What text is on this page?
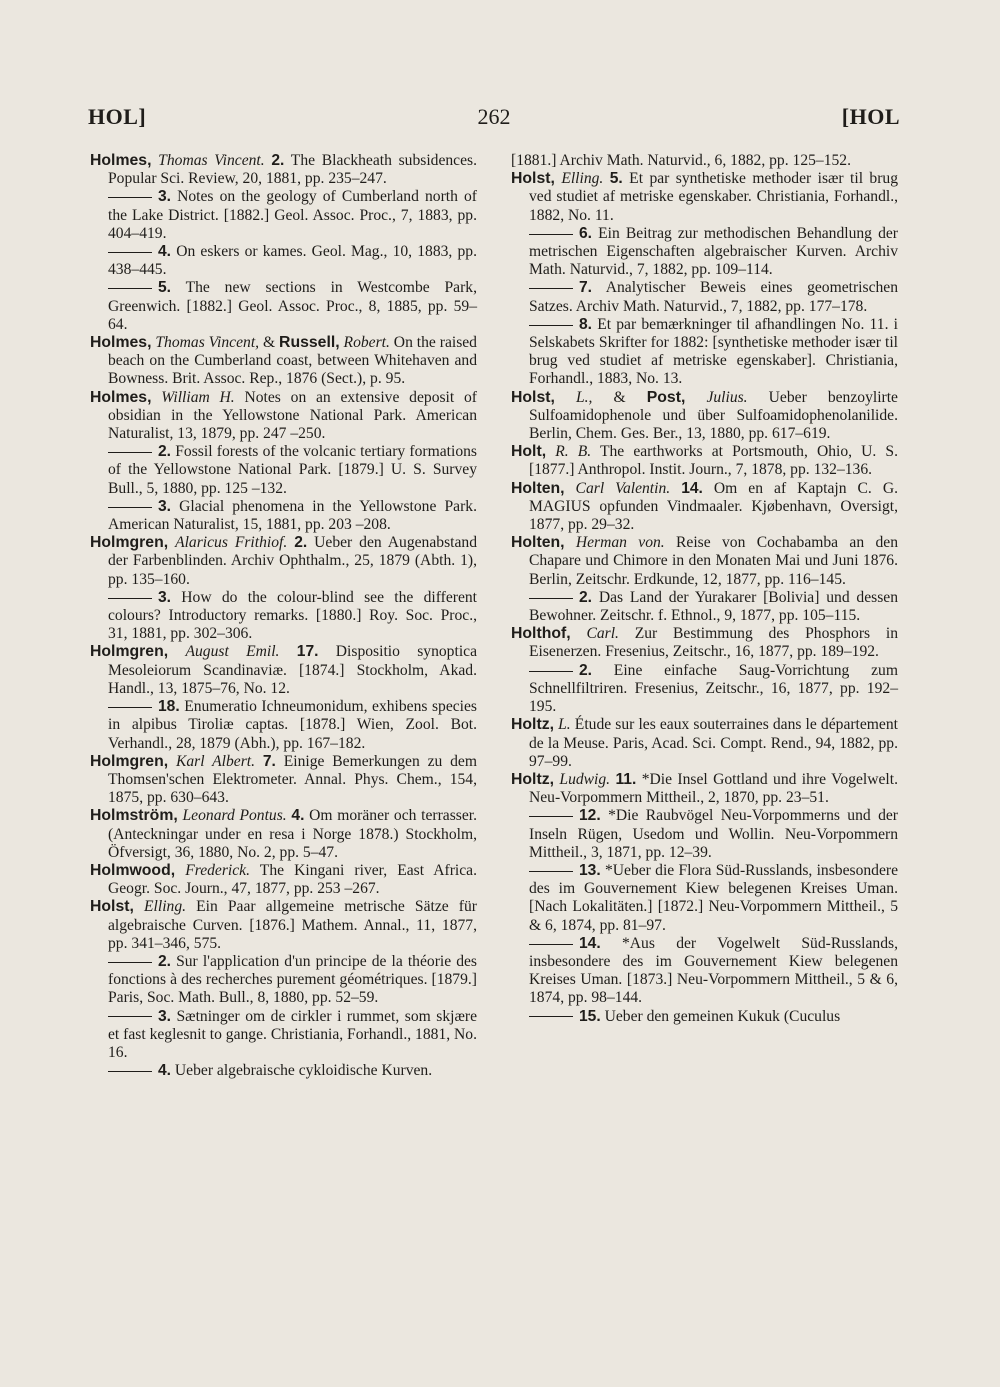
HOL]	262	[HOL

Holmes, Thomas Vincent. 2. The Blackheath subsidences. Popular Sci. Review, 20, 1881, pp. 235–247.

3. Notes on the geology of Cumberland north of the Lake District. [1882.] Geol. Assoc. Proc., 7, 1883, pp. 404–419.

4. On eskers or kames. Geol. Mag., 10, 1883, pp. 438–445.

5. The new sections in Westcombe Park, Greenwich. [1882.] Geol. Assoc. Proc., 8, 1885, pp. 59–64.

Holmes, Thomas Vincent, & Russell, Robert. On the raised beach on the Cumberland coast, between Whitehaven and Bowness. Brit. Assoc. Rep., 1876 (Sect.), p. 95.

Holmes, William H. Notes on an extensive deposit of obsidian in the Yellowstone National Park. American Naturalist, 13, 1879, pp. 247 –250.

2. Fossil forests of the volcanic tertiary formations of the Yellowstone National Park. [1879.] U. S. Survey Bull., 5, 1880, pp. 125 –132.

3. Glacial phenomena in the Yellowstone Park. American Naturalist, 15, 1881, pp. 203 –208.

Holmgren, Alaricus Frithiof. 2. Ueber den Augenabstand der Farbenblinden. Archiv Ophthalm., 25, 1879 (Abth. 1), pp. 135–160.

3. How do the colour-blind see the different colours? Introductory remarks. [1880.] Roy. Soc. Proc., 31, 1881, pp. 302–306.

Holmgren, August Emil. 17. Dispositio synoptica Mesoleiorum Scandinaviæ. [1874.] Stockholm, Akad. Handl., 13, 1875–76, No. 12.

18. Enumeratio Ichneumonidum, exhibens species in alpibus Tiroliæ captas. [1878.] Wien, Zool. Bot. Verhandl., 28, 1879 (Abh.), pp. 167–182.

Holmgren, Karl Albert. 7. Einige Bemerkungen zu dem Thomsen'schen Elektrometer. Annal. Phys. Chem., 154, 1875, pp. 630–643.

Holmström, Leonard Pontus. 4. Om moräner och terrasser. (Anteckningar under en resa i Norge 1878.) Stockholm, Öfversigt, 36, 1880, No. 2, pp. 5–47.

Holmwood, Frederick. The Kingani river, East Africa. Geogr. Soc. Journ., 47, 1877, pp. 253 –267.

Holst, Elling. Ein Paar allgemeine metrische Sätze für algebraische Curven. [1876.] Mathem. Annal., 11, 1877, pp. 341–346, 575.

2. Sur l'application d'un principe de la théorie des fonctions à des recherches purement géométriques. [1879.] Paris, Soc. Math. Bull., 8, 1880, pp. 52–59.

3. Sætninger om de cirkler i rummet, som skjære et fast keglesnit to gange. Christiania, Forhandl., 1881, No. 16.

4. Ueber algebraische cykloidische Kurven.

[1881.] Archiv Math. Naturvid., 6, 1882, pp. 125–152.

Holst, Elling. 5. Et par synthetiske methoder især til brug ved studiet af metriske egenskaber. Christiania, Forhandl., 1882, No. 11.

6. Ein Beitrag zur methodischen Behandlung der metrischen Eigenschaften algebraischer Kurven. Archiv Math. Naturvid., 7, 1882, pp. 109–114.

7. Analytischer Beweis eines geometrischen Satzes. Archiv Math. Naturvid., 7, 1882, pp. 177–178.

8. Et par bemærkninger til afhandlingen No. 11. i Selskabets Skrifter for 1882: [synthetiske methoder især til brug ved studiet af metriske egenskaber]. Christiania, Forhandl., 1883, No. 13.

Holst, L., & Post, Julius. Ueber benzoylirte Sulfoamidophenole und über Sulfoamidophenolanilide. Berlin, Chem. Ges. Ber., 13, 1880, pp. 617–619.

Holt, R. B. The earthworks at Portsmouth, Ohio, U. S. [1877.] Anthropol. Instit. Journ., 7, 1878, pp. 132–136.

Holten, Carl Valentin. 14. Om en af Kaptajn C. G. MAGIUS opfunden Vindmaaler. Kjøbenhavn, Oversigt, 1877, pp. 29–32.

Holten, Herman von. Reise von Cochabamba an den Chapare und Chimore in den Monaten Mai und Juni 1876. Berlin, Zeitschr. Erdkunde, 12, 1877, pp. 116–145.

2. Das Land der Yurakarer [Bolivia] und dessen Bewohner. Zeitschr. f. Ethnol., 9, 1877, pp. 105–115.

Holthof, Carl. Zur Bestimmung des Phosphors in Eisenerzen. Fresenius, Zeitschr., 16, 1877, pp. 189–192.

2. Eine einfache Saug-Vorrichtung zum Schnellfiltriren. Fresenius, Zeitschr., 16, 1877, pp. 192–195.

Holtz, L. Étude sur les eaux souterraines dans le département de la Meuse. Paris, Acad. Sci. Compt. Rend., 94, 1882, pp. 97–99.

Holtz, Ludwig. 11. *Die Insel Gottland und ihre Vogelwelt. Neu-Vorpommern Mittheil., 2, 1870, pp. 23–51.

12. *Die Raubvögel Neu-Vorpommerns und der Inseln Rügen, Usedom und Wollin. Neu-Vorpommern Mittheil., 3, 1871, pp. 12–39.

13. *Ueber die Flora Süd-Russlands, insbesondere des im Gouvernement Kiew belegenen Kreises Uman. [Nach Lokalitäten.] [1872.] Neu-Vorpommern Mittheil., 5 & 6, 1874, pp. 81–97.

14. *Aus der Vogelwelt Süd-Russlands, insbesondere des im Gouvernement Kiew belegenen Kreises Uman. [1873.] Neu-Vorpommern Mittheil., 5 & 6, 1874, pp. 98–144.

15. Ueber den gemeinen Kukuk (Cuculus
